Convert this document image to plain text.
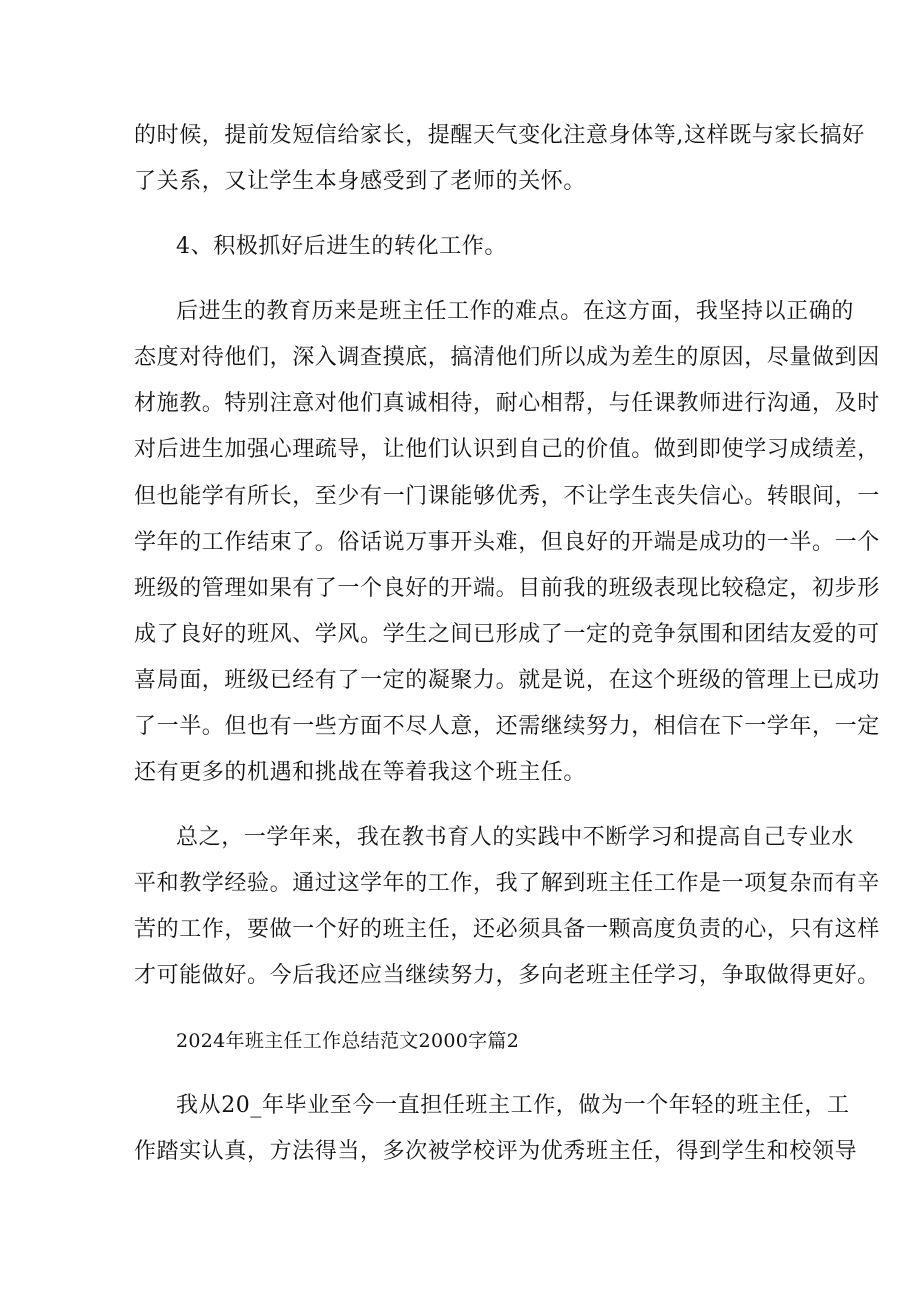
的时候，提前发短信给家长，提醒天气变化注意身体等,这样既与家长搞好
了关系，又让学生本身感受到了老师的关怀。
4、积极抓好后进生的转化工作。
后进生的教育历来是班主任工作的难点。在这方面，我坚持以正确的
态度对待他们，深入调查摸底，搞清他们所以成为差生的原因，尽量做到因
材施教。特别注意对他们真诚相待，耐心相帮，与任课教师进行沟通，及时
对后进生加强心理疏导，让他们认识到自己的价值。做到即使学习成绩差，
但也能学有所长，至少有一门课能够优秀，不让学生丧失信心。转眼间，一
学年的工作结束了。俗话说万事开头难，但良好的开端是成功的一半。一个
班级的管理如果有了一个良好的开端。目前我的班级表现比较稳定，初步形
成了良好的班风、学风。学生之间已形成了一定的竞争氛围和团结友爱的可
喜局面，班级已经有了一定的凝聚力。就是说，在这个班级的管理上已成功
了一半。但也有一些方面不尽人意，还需继续努力，相信在下一学年，一定
还有更多的机遇和挑战在等着我这个班主任。
总之，一学年来，我在教书育人的实践中不断学习和提高自己专业水
平和教学经验。通过这学年的工作，我了解到班主任工作是一项复杂而有辛
苦的工作，要做一个好的班主任，还必须具备一颗高度负责的心，只有这样
才可能做好。今后我还应当继续努力，多向老班主任学习，争取做得更好。
2024年班主任工作总结范文2000字篇2
我从20_年毕业至今一直担任班主工作，做为一个年轻的班主任，工
作踏实认真，方法得当，多次被学校评为优秀班主任，得到学生和校领导
